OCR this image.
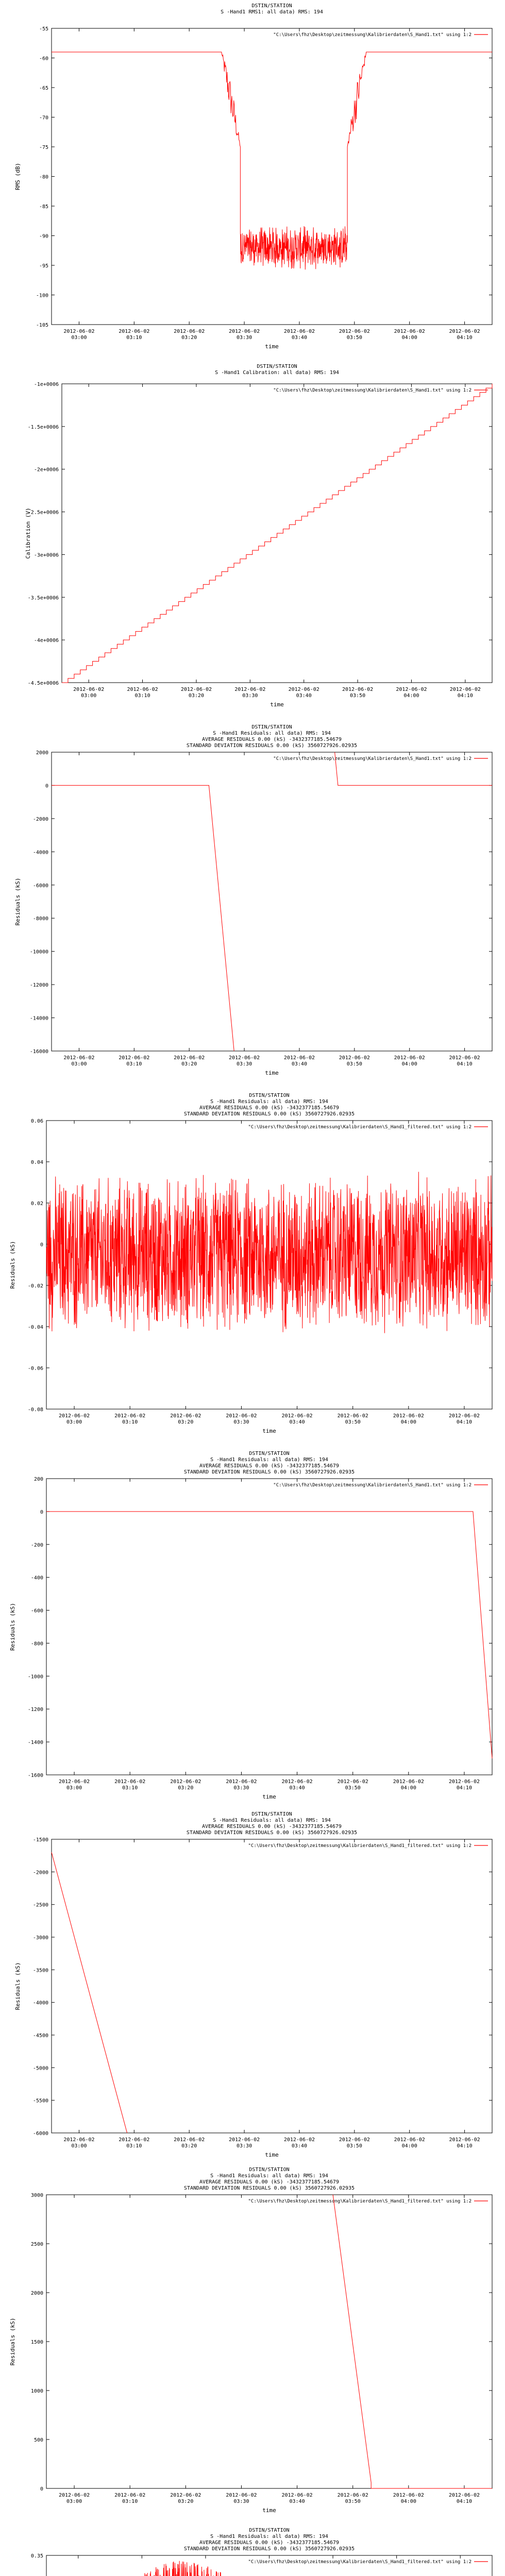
DSTIN/STATION
S -Hand1 RMS1: all data) RMS: 194
"C:\Users\fhz\Desktop\zeitmessung\Kalibrierdaten\S_Hand1.txt" using 1:2
-55
-60
-65
-70
-75
-80
-85
-90
-95
-100
-105
2012-06-02
03:00
2012-06-02
03:10
2012-06-02
03:20
2012-06-02
03:30
2012-06-02
03:40
2012-06-02
03:50
2012-06-02
04:00
2012-06-02
04:10
time
RMS (dB)
DSTIN/STATION
S -Hand1 Calibration: all data) RMS: 194
"C:\Users\fhz\Desktop\zeitmessung\Kalibrierdaten\S_Hand1.txt" using 1:2
-1e+0006
-1.5e+0006
-2e+0006
-2.5e+0006
-3e+0006
-3.5e+0006
-4e+0006
-4.5e+0006
2012-06-02
03:00
2012-06-02
03:10
2012-06-02
03:20
2012-06-02
03:30
2012-06-02
03:40
2012-06-02
03:50
2012-06-02
04:00
2012-06-02
04:10
time
Calibration (V)
DSTIN/STATION
S -Hand1 Residuals: all data) RMS: 194
AVERAGE RESIDUALS 0.00 (kS) -3432377185.54679
STANDARD DEVIATION RESIDUALS 0.00 (kS) 3560727926.02935
"C:\Users\fhz\Desktop\zeitmessung\Kalibrierdaten\S_Hand1.txt" using 1:2
2000
0
-2000
-4000
-6000
-8000
-10000
-12000
-14000
-16000
2012-06-02
03:00
2012-06-02
03:10
2012-06-02
03:20
2012-06-02
03:30
2012-06-02
03:40
2012-06-02
03:50
2012-06-02
04:00
2012-06-02
04:10
time
Residuals (kS)
DSTIN/STATION
S -Hand1 Residuals: all data) RMS: 194
AVERAGE RESIDUALS 0.00 (kS) -3432377185.54679
STANDARD DEVIATION RESIDUALS 0.00 (kS) 3560727926.02935
"C:\Users\fhz\Desktop\zeitmessung\Kalibrierdaten\S_Hand1_filtered.txt" using 1:2
0.06
0.04
0.02
0
-0.02
-0.04
-0.06
-0.08
2012-06-02
03:00
2012-06-02
03:10
2012-06-02
03:20
2012-06-02
03:30
2012-06-02
03:40
2012-06-02
03:50
2012-06-02
04:00
2012-06-02
04:10
time
Residuals (kS)
DSTIN/STATION
S -Hand1 Residuals: all data) RMS: 194
AVERAGE RESIDUALS 0.00 (kS) -3432377185.54679
STANDARD DEVIATION RESIDUALS 0.00 (kS) 3560727926.02935
"C:\Users\fhz\Desktop\zeitmessung\Kalibrierdaten\S_Hand1.txt" using 1:2
200
0
-200
-400
-600
-800
-1000
-1200
-1400
-1600
2012-06-02
03:00
2012-06-02
03:10
2012-06-02
03:20
2012-06-02
03:30
2012-06-02
03:40
2012-06-02
03:50
2012-06-02
04:00
2012-06-02
04:10
time
Residuals (kS)
DSTIN/STATION
S -Hand1 Residuals: all data) RMS: 194
AVERAGE RESIDUALS 0.00 (kS) -3432377185.54679
STANDARD DEVIATION RESIDUALS 0.00 (kS) 3560727926.02935
"C:\Users\fhz\Desktop\zeitmessung\Kalibrierdaten\S_Hand1_filtered.txt" using 1:2
-1500
-2000
-2500
-3000
-3500
-4000
-4500
-5000
-5500
-6000
2012-06-02
03:00
2012-06-02
03:10
2012-06-02
03:20
2012-06-02
03:30
2012-06-02
03:40
2012-06-02
03:50
2012-06-02
04:00
2012-06-02
04:10
time
Residuals (kS)
DSTIN/STATION
S -Hand1 Residuals: all data) RMS: 194
AVERAGE RESIDUALS 0.00 (kS) -3432377185.54679
STANDARD DEVIATION RESIDUALS 0.00 (kS) 3560727926.02935
"C:\Users\fhz\Desktop\zeitmessung\Kalibrierdaten\S_Hand1_filtered.txt" using 1:2
3000
2500
2000
1500
1000
500
0
2012-06-02
03:00
2012-06-02
03:10
2012-06-02
03:20
2012-06-02
03:30
2012-06-02
03:40
2012-06-02
03:50
2012-06-02
04:00
2012-06-02
04:10
time
Residuals (kS)
DSTIN/STATION
S -Hand1 Residuals: all data) RMS: 194
AVERAGE RESIDUALS 0.00 (kS) -3432377185.54679
STANDARD DEVIATION RESIDUALS 0.00 (kS) 3560727926.02935
"C:\Users\fhz\Desktop\zeitmessung\Kalibrierdaten\S_Hand1_filtered.txt" using 1:2
0.35
